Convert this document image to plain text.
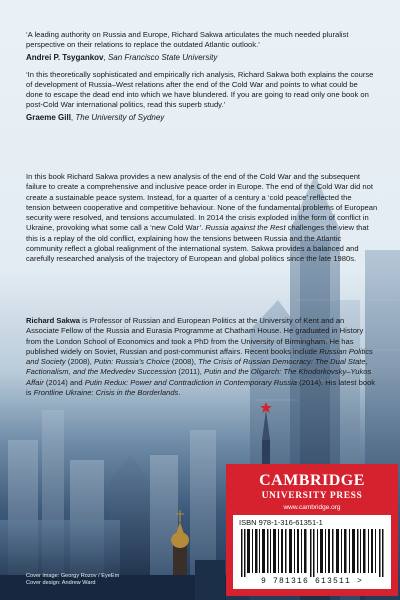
‘A leading authority on Russia and Europe, Richard Sakwa articulates the much needed pluralist perspective on their relations to replace the outdated Atlantic outlook.’

Andrei P. Tsygankov, San Francisco State University

‘In this theoretically sophisticated and empirically rich analysis, Richard Sakwa both explains the course of development of Russia–West relations after the end of the Cold War and points to what could be done to escape the dead end into which we have blundered. If you are going to read only one book on post-Cold War international politics, read this superb study.’

Graeme Gill, The University of Sydney

In this book Richard Sakwa provides a new analysis of the end of the Cold War and the subsequent failure to create a comprehensive and inclusive peace order in Europe. The end of the Cold War did not create a sustainable peace system. Instead, for a quarter of a century a ‘cold peace’ reflected the tension between cooperative and competitive behaviour. None of the fundamental problems of European security were resolved, and tensions accumulated. In 2014 the crisis exploded in the form of conflict in Ukraine, provoking what some call a ‘new Cold War’. Russia against the Rest challenges the view that this is a replay of the old conflict, explaining how the tensions between Russia and the Atlantic community reflect a global realignment of the international system. Sakwa provides a balanced and carefully researched analysis of the trajectory of European and global politics since the late 1980s.

Richard Sakwa is Professor of Russian and European Politics at the University of Kent and an Associate Fellow of the Russia and Eurasia Programme at Chatham House. He graduated in History from the London School of Economics and took a PhD from the University of Birmingham. He has published widely on Soviet, Russian and post-communist affairs. Recent books include Russian Politics and Society (2008), Putin: Russia’s Choice (2008), The Crisis of Russian Democracy: The Dual State, Factionalism, and the Medvedev Succession (2011), Putin and the Oligarch: The Khodorkovsky–Yukos Affair (2014) and Putin Redux: Power and Contradiction in Contemporary Russia (2014). His latest book is Frontline Ukraine: Crisis in the Borderlands.

CAMBRIDGE
UNIVERSITY PRESS
www.cambridge.org
ISBN 978-1-316-61351-1
9 781316 613511 >
Cover image: Georgy Rozov / EyeEm
Cover design: Andrew Ward
